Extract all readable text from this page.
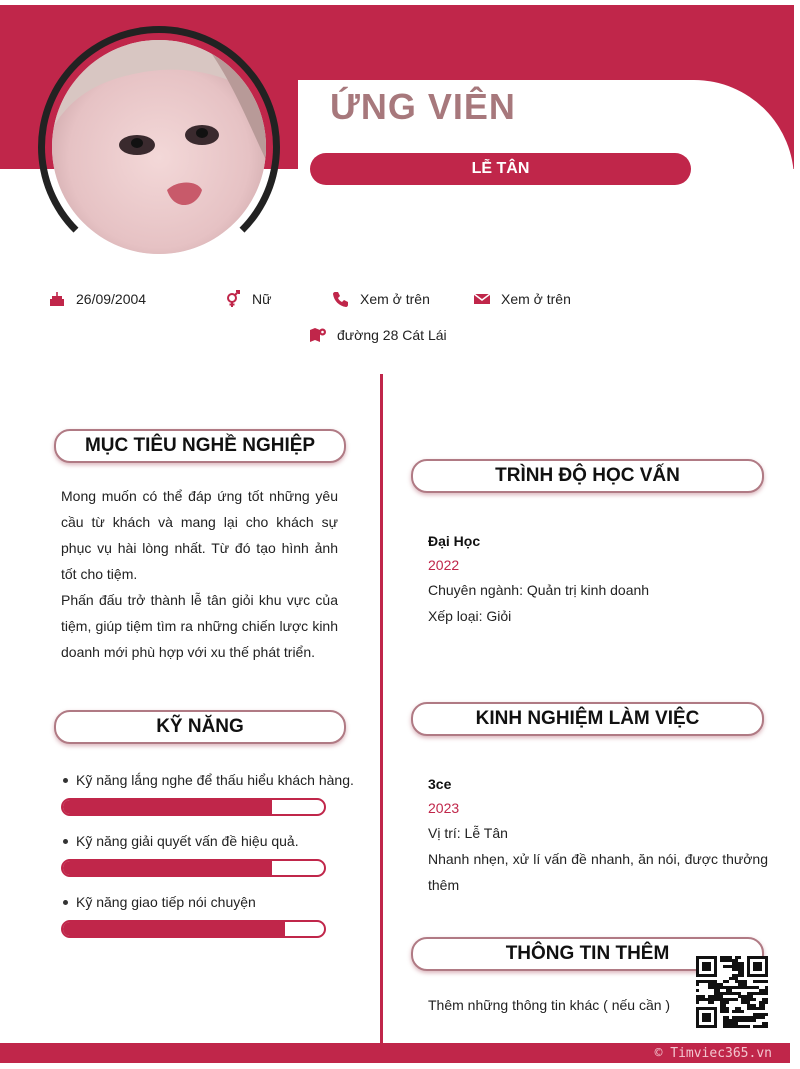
ỨNG VIÊN
LỄ TÂN
26/09/2004	Nữ	Xem ở trên	Xem ở trên
đường 28 Cát Lái
MỤC TIÊU NGHỀ NGHIỆP
Mong muốn có thể đáp ứng tốt những yêu cầu từ khách và mang lại cho khách sự phục vụ hài lòng nhất. Từ đó tạo hình ảnh tốt cho tiệm.
Phấn đấu trở thành lễ tân giỏi khu vực của tiệm, giúp tiệm tìm ra những chiến lược kinh doanh mới phù hợp với xu thế phát triển.
KỸ NĂNG
Kỹ năng lắng nghe để thấu hiểu khách hàng.
Kỹ năng giải quyết vấn đề hiệu quả.
Kỹ năng giao tiếp nói chuyện
TRÌNH ĐỘ HỌC VẤN
Đại Học
2022
Chuyên ngành: Quản trị kinh doanh
Xếp loại: Giỏi
KINH NGHIỆM LÀM VIỆC
3ce
2023
Vị trí: Lễ Tân
Nhanh nhẹn, xử lí vấn đề nhanh, ăn nói, được thưởng thêm
THÔNG TIN THÊM
Thêm những thông tin khác ( nếu cần )
© Timviec365.vn
